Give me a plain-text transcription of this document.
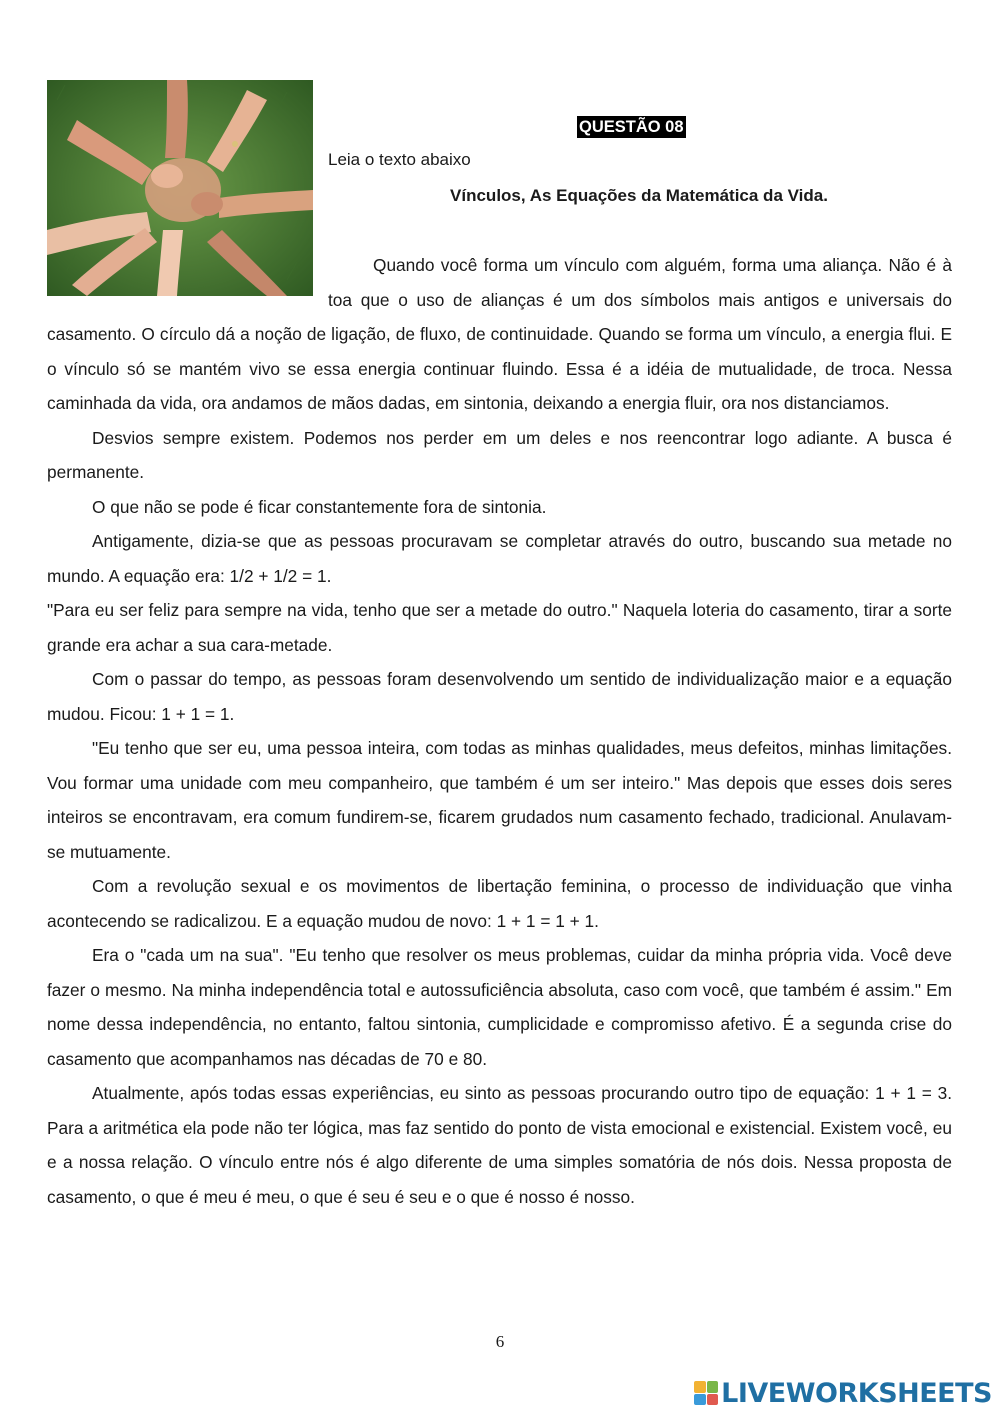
QUESTÃO 08
Leia o texto abaixo
Vínculos, As Equações da Matemática da Vida.

Quando você forma um vínculo com alguém, forma uma aliança. Não é à toa que o uso de alianças é um dos símbolos mais antigos e universais do casamento. O círculo dá a noção de ligação, de fluxo, de continuidade. Quando se forma um vínculo, a energia flui. E o vínculo só se mantém vivo se essa energia continuar fluindo. Essa é a idéia de mutualidade, de troca. Nessa caminhada da vida, ora andamos de mãos dadas, em sintonia, deixando a energia fluir, ora nos distanciamos.

Desvios sempre existem. Podemos nos perder em um deles e nos reencontrar logo adiante. A busca é permanente.

O que não se pode é ficar constantemente fora de sintonia.

Antigamente, dizia-se que as pessoas procuravam se completar através do outro, buscando sua metade no mundo. A equação era: 1/2 + 1/2 = 1.

"Para eu ser feliz para sempre na vida, tenho que ser a metade do outro." Naquela loteria do casamento, tirar a sorte grande era achar a sua cara-metade.

Com o passar do tempo, as pessoas foram desenvolvendo um sentido de individualização maior e a equação mudou. Ficou: 1 + 1 = 1.

"Eu tenho que ser eu, uma pessoa inteira, com todas as minhas qualidades, meus defeitos, minhas limitações. Vou formar uma unidade com meu companheiro, que também é um ser inteiro." Mas depois que esses dois seres inteiros se encontravam, era comum fundirem-se, ficarem grudados num casamento fechado, tradicional. Anulavam-se mutuamente.

Com a revolução sexual e os movimentos de libertação feminina, o processo de individuação que vinha acontecendo se radicalizou. E a equação mudou de novo: 1 + 1 = 1 + 1.

Era o "cada um na sua". "Eu tenho que resolver os meus problemas, cuidar da minha própria vida. Você deve fazer o mesmo. Na minha independência total e autossuficiência absoluta, caso com você, que também é assim." Em nome dessa independência, no entanto, faltou sintonia, cumplicidade e compromisso afetivo. É a segunda crise do casamento que acompanhamos nas décadas de 70 e 80.

Atualmente, após todas essas experiências, eu sinto as pessoas procurando outro tipo de equação: 1 + 1 = 3. Para a aritmética ela pode não ter lógica, mas faz sentido do ponto de vista emocional e existencial. Existem você, eu e a nossa relação. O vínculo entre nós é algo diferente de uma simples somatória de nós dois. Nessa proposta de casamento, o que é meu é meu, o que é seu é seu e o que é nosso é nosso.

6
LIVEWORKSHEETS
